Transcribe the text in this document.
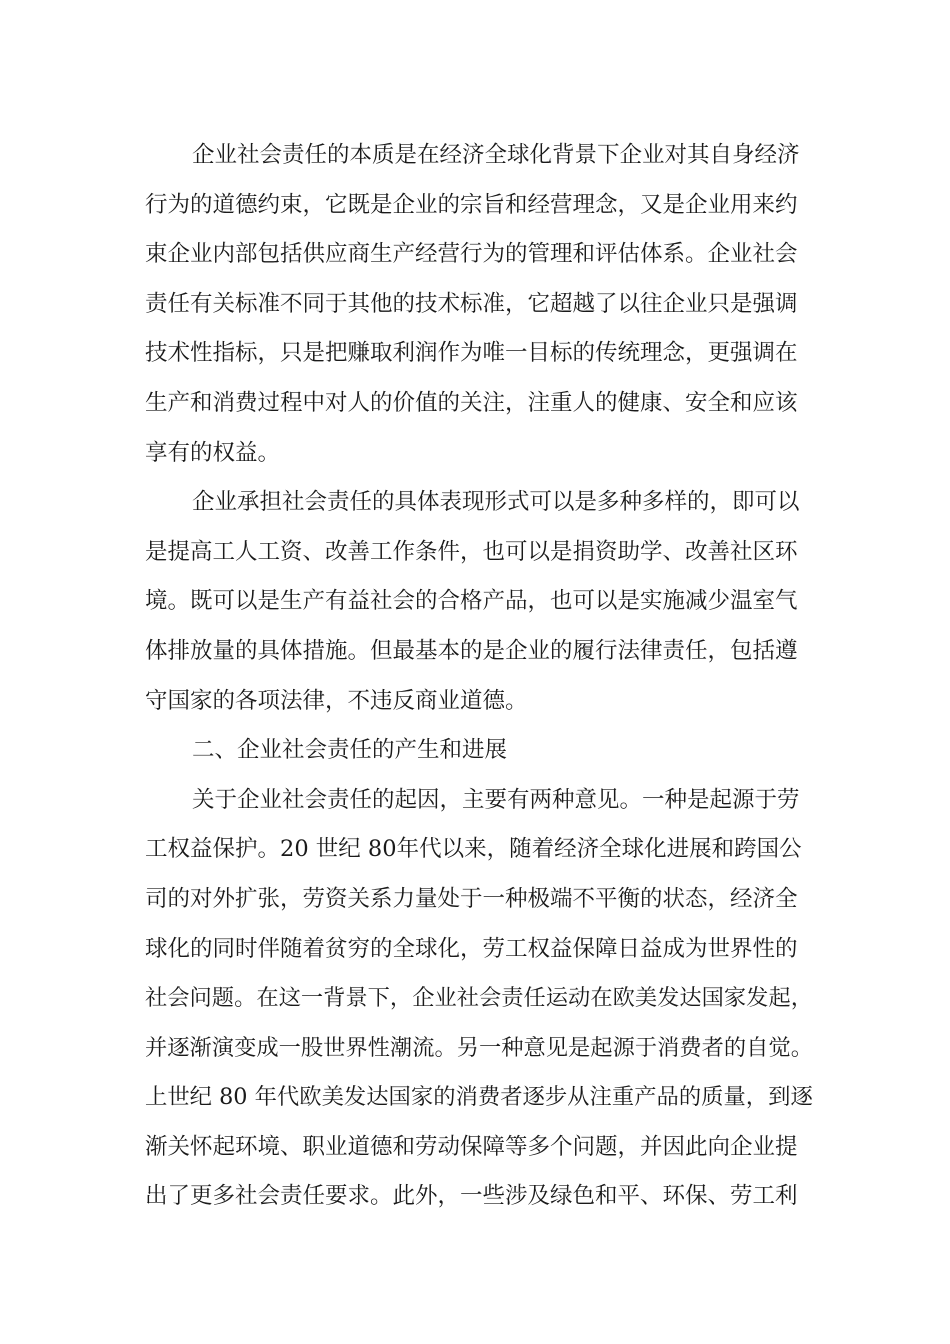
企业社会责任的本质是在经济全球化背景下企业对其自身经济
行为的道德约束，它既是企业的宗旨和经营理念，又是企业用来约
束企业内部包括供应商生产经营行为的管理和评估体系。企业社会
责任有关标准不同于其他的技术标准，它超越了以往企业只是强调
技术性指标，只是把赚取利润作为唯一目标的传统理念，更强调在
生产和消费过程中对人的价值的关注，注重人的健康、安全和应该
享有的权益。
企业承担社会责任的具体表现形式可以是多种多样的，即可以
是提高工人工资、改善工作条件，也可以是捐资助学、改善社区环
境。既可以是生产有益社会的合格产品，也可以是实施减少温室气
体排放量的具体措施。但最基本的是企业的履行法律责任，包括遵
守国家的各项法律，不违反商业道德。
二、企业社会责任的产生和进展
关于企业社会责任的起因，主要有两种意见。一种是起源于劳
工权益保护。20 世纪 80年代以来，随着经济全球化进展和跨国公
司的对外扩张，劳资关系力量处于一种极端不平衡的状态，经济全
球化的同时伴随着贫穷的全球化，劳工权益保障日益成为世界性的
社会问题。在这一背景下，企业社会责任运动在欧美发达国家发起，
并逐渐演变成一股世界性潮流。另一种意见是起源于消费者的自觉。
上世纪 80 年代欧美发达国家的消费者逐步从注重产品的质量，到逐
渐关怀起环境、职业道德和劳动保障等多个问题，并因此向企业提
出了更多社会责任要求。此外，一些涉及绿色和平、环保、劳工利
